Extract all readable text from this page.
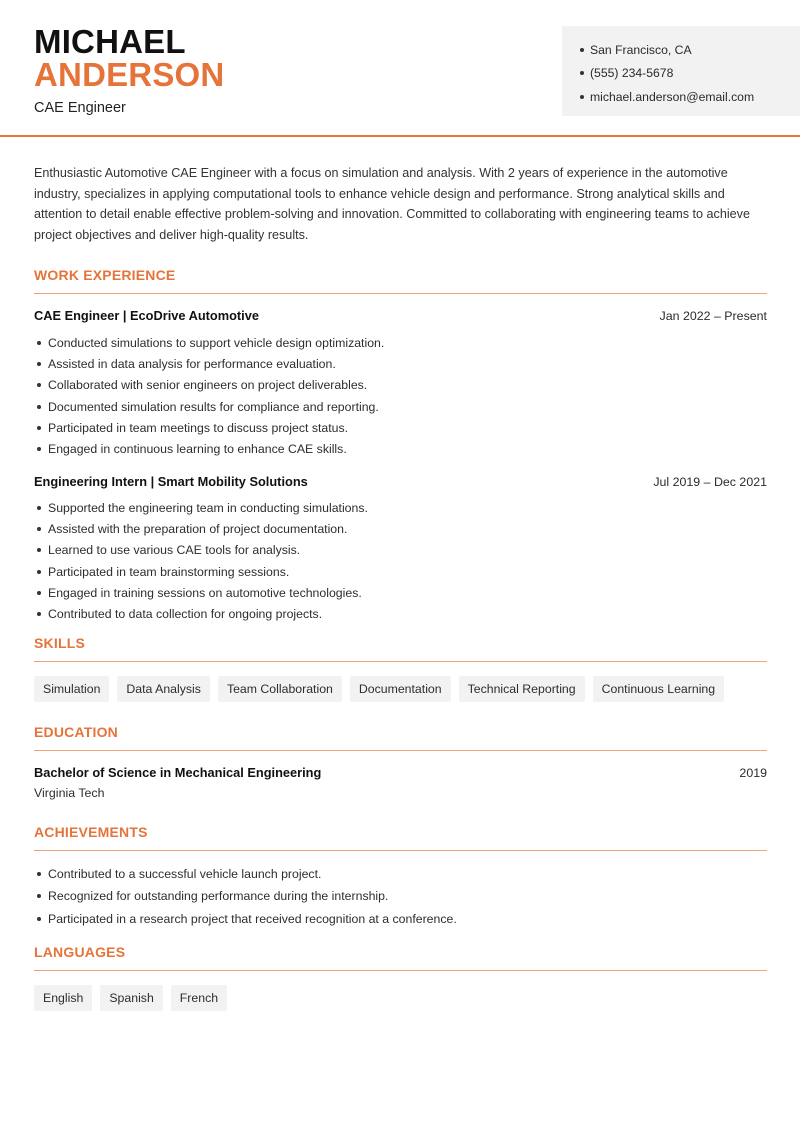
MICHAEL
ANDERSON
CAE Engineer
San Francisco, CA
(555) 234-5678
michael.anderson@email.com

Enthusiastic Automotive CAE Engineer with a focus on simulation and analysis. With 2 years of experience in the automotive industry, specializes in applying computational tools to enhance vehicle design and performance. Strong analytical skills and attention to detail enable effective problem-solving and innovation. Committed to collaborating with engineering teams to achieve project objectives and deliver high-quality results.

WORK EXPERIENCE
CAE Engineer | EcoDrive Automotive	Jan 2022 – Present
Conducted simulations to support vehicle design optimization.
Assisted in data analysis for performance evaluation.
Collaborated with senior engineers on project deliverables.
Documented simulation results for compliance and reporting.
Participated in team meetings to discuss project status.
Engaged in continuous learning to enhance CAE skills.
Engineering Intern | Smart Mobility Solutions	Jul 2019 – Dec 2021
Supported the engineering team in conducting simulations.
Assisted with the preparation of project documentation.
Learned to use various CAE tools for analysis.
Participated in team brainstorming sessions.
Engaged in training sessions on automotive technologies.
Contributed to data collection for ongoing projects.
SKILLS
Simulation	Data Analysis	Team Collaboration	Documentation	Technical Reporting	Continuous Learning
EDUCATION
Bachelor of Science in Mechanical Engineering	2019
Virginia Tech
ACHIEVEMENTS
Contributed to a successful vehicle launch project.
Recognized for outstanding performance during the internship.
Participated in a research project that received recognition at a conference.
LANGUAGES
English	Spanish	French
